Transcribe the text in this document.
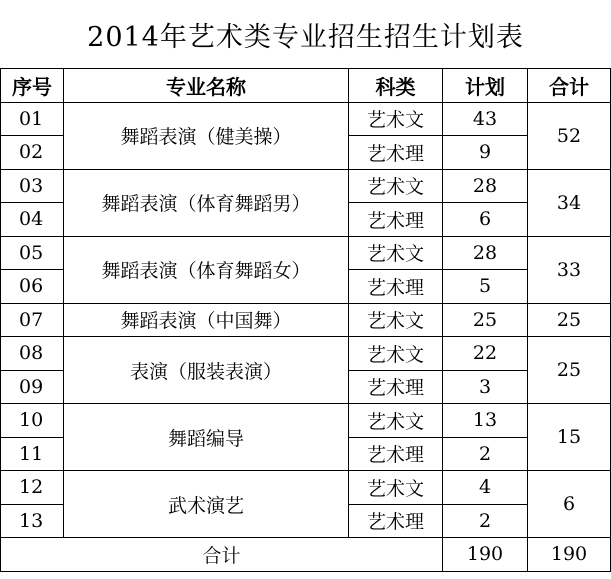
2014年艺术类专业招生招生计划表
序号	专业名称	科类	计划	合计
01	舞蹈表演（健美操）	艺术文	43	52
02		艺术理	9	
03	舞蹈表演（体育舞蹈男）	艺术文	28	34
04		艺术理	6	
05	舞蹈表演（体育舞蹈女）	艺术文	28	33
06		艺术理	5	
07	舞蹈表演（中国舞）	艺术文	25	25
08	表演（服装表演）	艺术文	22	25
09		艺术理	3	
10	舞蹈编导	艺术文	13	15
11		艺术理	2	
12	武术演艺	艺术文	4	6
13		艺术理	2	
合计			190	190
